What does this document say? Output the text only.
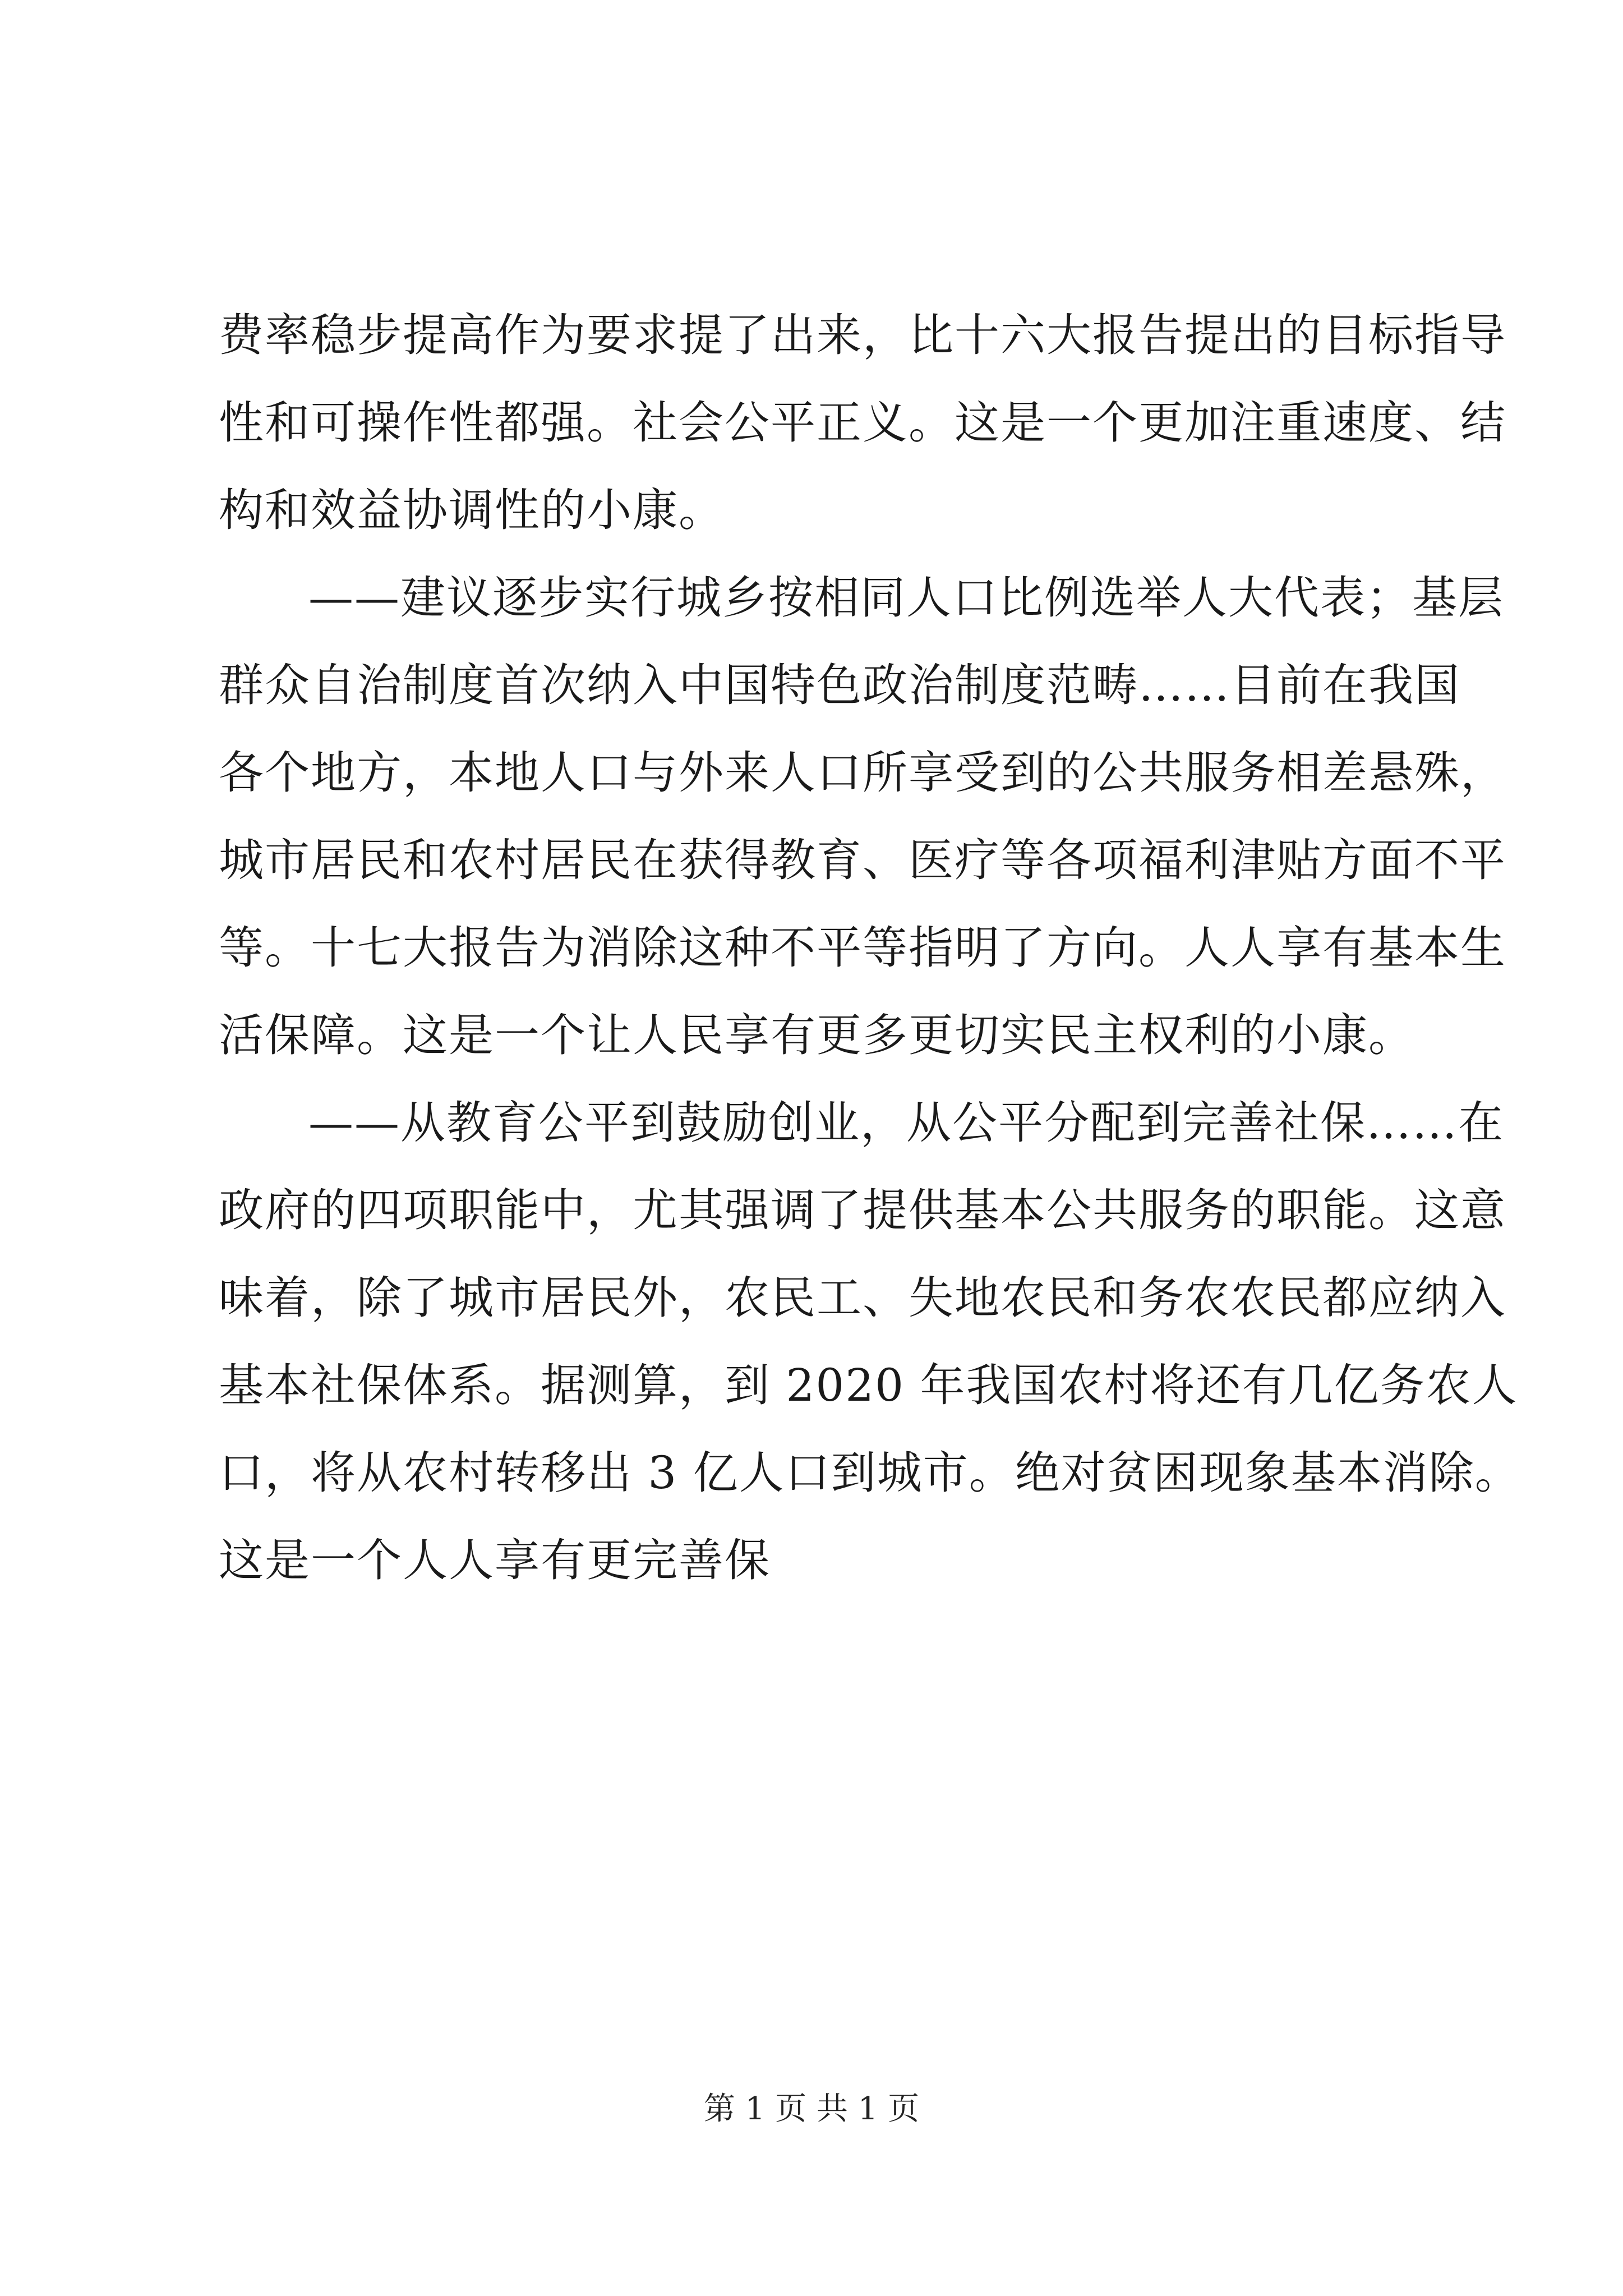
费率稳步提高作为要求提了出来，比十六大报告提出的目标指导
性和可操作性都强。社会公平正义。这是一个更加注重速度、结
构和效益协调性的小康。
——建议逐步实行城乡按相同人口比例选举人大代表；基层
群众自治制度首次纳入中国特色政治制度范畴……目前在我国
各个地方，本地人口与外来人口所享受到的公共服务相差悬殊，
城市居民和农村居民在获得教育、医疗等各项福利津贴方面不平
等。十七大报告为消除这种不平等指明了方向。人人享有基本生
活保障。这是一个让人民享有更多更切实民主权利的小康。
——从教育公平到鼓励创业，从公平分配到完善社保……在
政府的四项职能中，尤其强调了提供基本公共服务的职能。这意
味着，除了城市居民外，农民工、失地农民和务农农民都应纳入
基本社保体系。据测算，到 2020 年我国农村将还有几亿务农人
口，将从农村转移出 3 亿人口到城市。绝对贫困现象基本消除。
这是一个人人享有更完善保
第 1 页 共 1 页
